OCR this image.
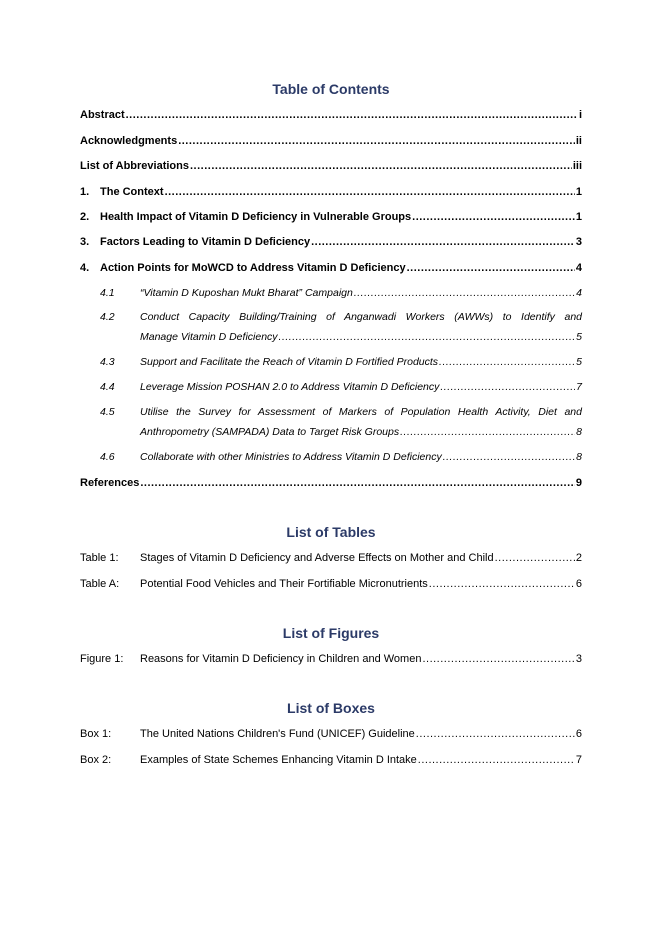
Table of Contents
Abstract .....	i
Acknowledgments .....	ii
List of Abbreviations .....	iii
1. The Context .....	1
2. Health Impact of Vitamin D Deficiency in Vulnerable Groups .....	1
3. Factors Leading to Vitamin D Deficiency .....	3
4. Action Points for MoWCD to Address Vitamin D Deficiency .....	4
4.1 “Vitamin D Kuposhan Mukt Bharat” Campaign .....	4
4.2 Conduct Capacity Building/Training of Anganwadi Workers (AWWs) to Identify and
Manage Vitamin D Deficiency .....	5
4.3 Support and Facilitate the Reach of Vitamin D Fortified Products .....	5
4.4 Leverage Mission POSHAN 2.0 to Address Vitamin D Deficiency .....	7
4.5 Utilise the Survey for Assessment of Markers of Population Health Activity, Diet and
Anthropometry (SAMPADA) Data to Target Risk Groups .....	8
4.6 Collaborate with other Ministries to Address Vitamin D Deficiency .....	8
References .....	9
List of Tables
Table 1: Stages of Vitamin D Deficiency and Adverse Effects on Mother and Child .....	2
Table A: Potential Food Vehicles and Their Fortifiable Micronutrients .....	6
List of Figures
Figure 1: Reasons for Vitamin D Deficiency in Children and Women .....	3
List of Boxes
Box 1:	The United Nations Children's Fund (UNICEF) Guideline .....	6
Box 2:	Examples of State Schemes Enhancing Vitamin D Intake .....	7
